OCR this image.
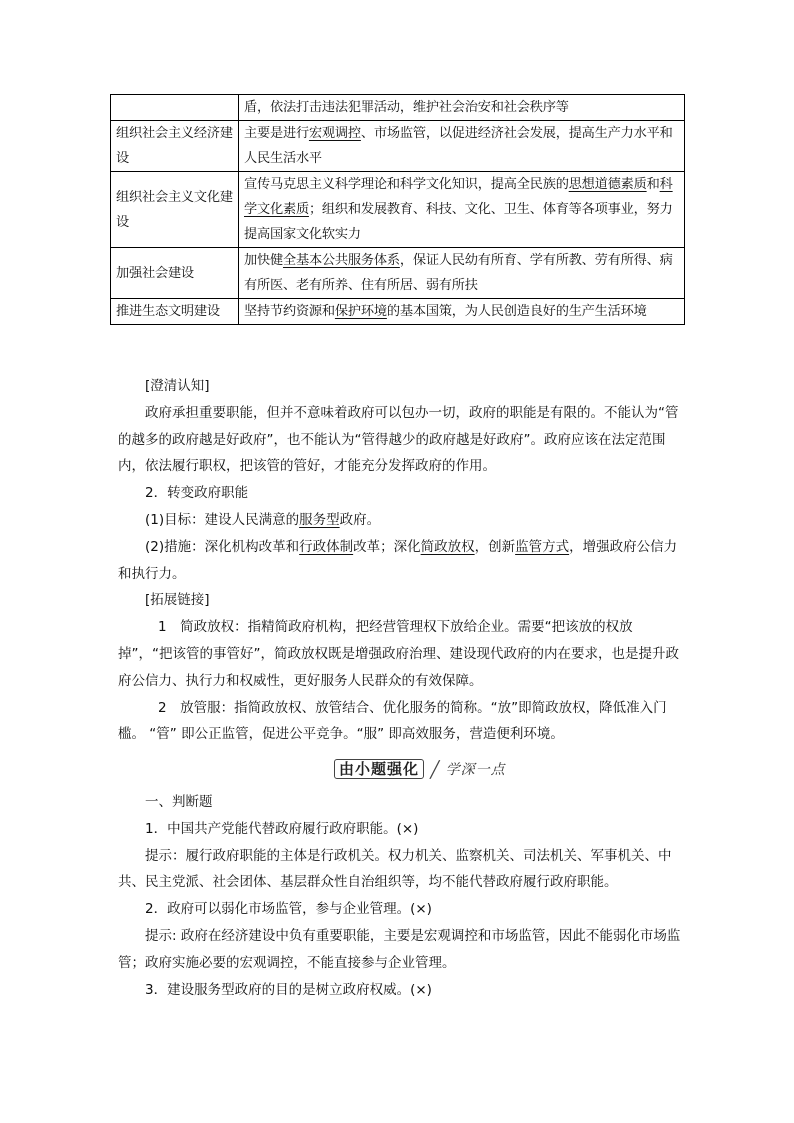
	盾，依法打击违法犯罪活动，维护社会治安和社会秩序等
组织社会主义经济建设	主要是进行宏观调控、市场监管，以促进经济社会发展，提高生产力水平和人民生活水平
组织社会主义文化建设	宣传马克思主义科学理论和科学文化知识，提高全民族的思想道德素质和科学文化素质；组织和发展教育、科技、文化、卫生、体育等各项事业，努力提高国家文化软实力
加强社会建设	加快健全基本公共服务体系，保证人民幼有所育、学有所教、劳有所得、病有所医、老有所养、住有所居、弱有所扶
推进生态文明建设	坚持节约资源和保护环境的基本国策，为人民创造良好的生产生活环境
[澄清认知]
政府承担重要职能，但并不意味着政府可以包办一切，政府的职能是有限的。不能认为“管的越多的政府越是好政府”，也不能认为“管得越少的政府越是好政府”。政府应该在法定范围内，依法履行职权，把该管的管好，才能充分发挥政府的作用。
2．转变政府职能
(1)目标：建设人民满意的服务型政府。
(2)措施：深化机构改革和行政体制改革；深化简政放权，创新监管方式，增强政府公信力和执行力。
[拓展链接]
1　简政放权：指精简政府机构，把经营管理权下放给企业。需要“把该放的权放掉”，“把该管的事管好”，简政放权既是增强政府治理、建设现代政府的内在要求，也是提升政府公信力、执行力和权威性，更好服务人民群众的有效保障。
2　放管服：指简政放权、放管结合、优化服务的简称。“放”即简政放权，降低准入门槛。 “管” 即公正监管，促进公平竞争。“服” 即高效服务，营造便利环境。
由小题强化 ╱ 学深一点
一、判断题
1．中国共产党能代替政府履行政府职能。(×)
提示：履行政府职能的主体是行政机关。权力机关、监察机关、司法机关、军事机关、中共、民主党派、社会团体、基层群众性自治组织等，均不能代替政府履行政府职能。
2．政府可以弱化市场监管，参与企业管理。(×)
提示: 政府在经济建设中负有重要职能，主要是宏观调控和市场监管，因此不能弱化市场监管；政府实施必要的宏观调控，不能直接参与企业管理。
3．建设服务型政府的目的是树立政府权威。(×)
